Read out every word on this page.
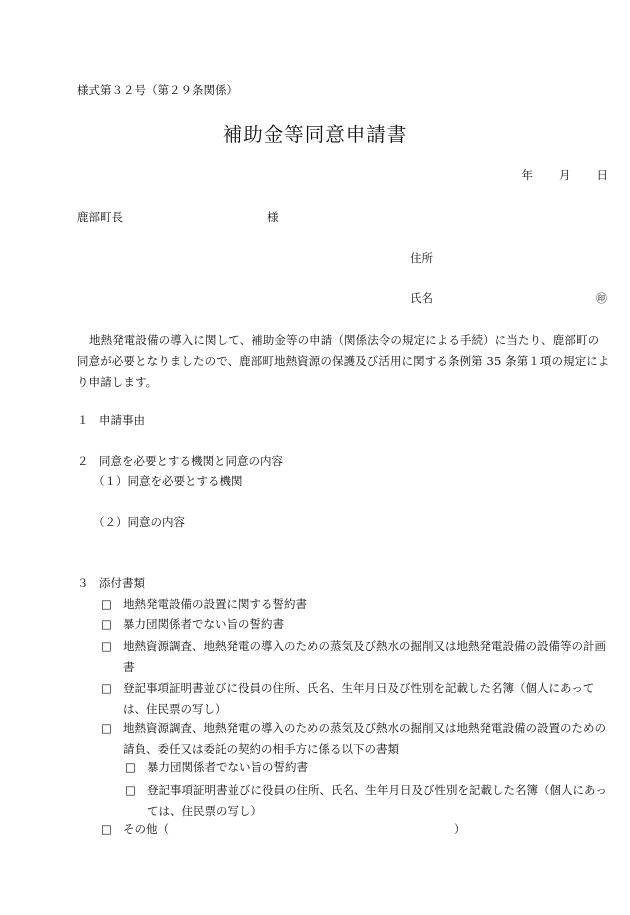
様式第３２号（第２９条関係）
補助金等同意申請書
年 月 日
鹿部町長	様
住所
氏名	㊞
地熱発電設備の導入に関して、補助金等の申請（関係法令の規定による手続）に当たり、鹿部町の同意が必要となりましたので、鹿部町地熱資源の保護及び活用に関する条例第 35 条第１項の規定により申請します。
１ 申請事由
２ 同意を必要とする機関と同意の内容
（１）同意を必要とする機関
（２）同意の内容
３ 添付書類
□ 地熱発電設備の設置に関する誓約書
□ 暴力団関係者でない旨の誓約書
□ 地熱資源調査、地熱発電の導入のための蒸気及び熱水の掘削又は地熱発電設備の設備等の計画書
□ 登記事項証明書並びに役員の住所、氏名、生年月日及び性別を記載した名簿（個人にあっては、住民票の写し）
□ 地熱資源調査、地熱発電の導入のための蒸気及び熱水の掘削又は地熱発電設備の設置のための請負、委任又は委託の契約の相手方に係る以下の書類
□ 暴力団関係者でない旨の誓約書
□ 登記事項証明書並びに役員の住所、氏名、生年月日及び性別を記載した名簿（個人にあっては、住民票の写し）
□ その他（	）
